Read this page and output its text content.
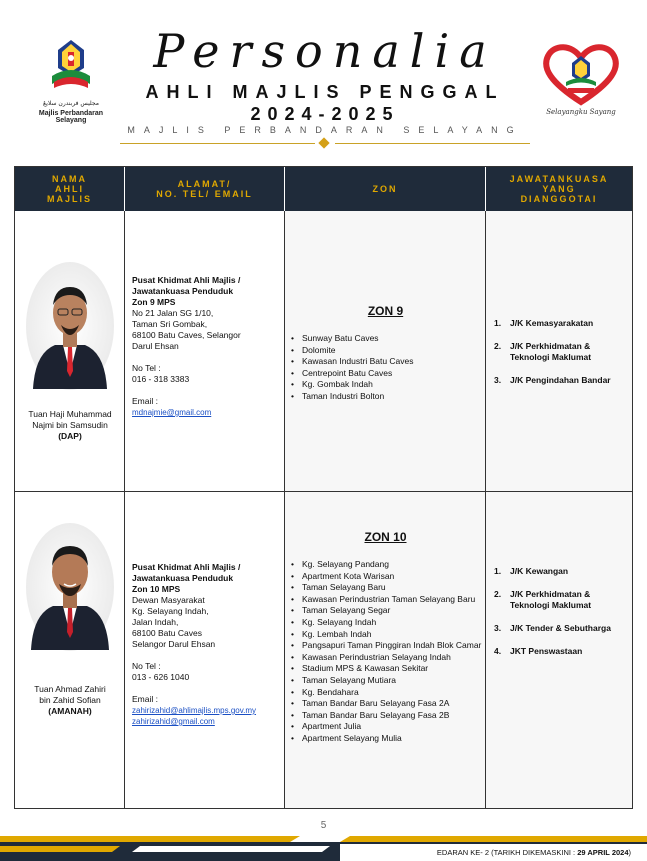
مجليس فربندرن سلايڠ
Majlis Perbandaran Selayang
Personalia
AHLI MAJLIS PENGGAL
2024-2025
MAJLIS PERBANDARAN SELAYANG
Selayangku Sayang
NAMA
AHLI
MAJLIS
ALAMAT/
NO. TEL/ EMAIL	ZON
JAWATANKUASA
YANG
DIANGGOTAI
Tuan Haji Muhammad
Najmi bin Samsudin
(DAP)
Pusat Khidmat Ahli Majlis /
Jawatankuasa Penduduk
Zon 9 MPS
No 21 Jalan SG 1/10,
Taman Sri Gombak,
68100 Batu Caves, Selangor
Darul Ehsan
No Tel :
016 - 318 3383
Email :
mdnajmie@gmail.com
ZON 9
• Sunway Batu Caves
• Dolomite
• Kawasan Industri Batu Caves
• Centrepoint Batu Caves
• Kg. Gombak Indah
• Taman Industri Bolton
1. J/K Kemasyarakatan
2. J/K Perkhidmatan & Teknologi Maklumat
3. J/K Pengindahan Bandar
Tuan Ahmad Zahiri
bin Zahid Sofian
(AMANAH)
Pusat Khidmat Ahli Majlis /
Jawatankuasa Penduduk
Zon 10 MPS
Dewan Masyarakat
Kg. Selayang Indah,
Jalan Indah,
68100 Batu Caves
Selangor Darul Ehsan
No Tel :
013 - 626 1040
Email :
zahirizahid@ahlimajlis.mps.gov.my
zahirizahid@gmail.com
ZON 10
• Kg. Selayang Pandang
• Apartment Kota Warisan
• Taman Selayang Baru
• Kawasan Perindustrian Taman Selayang Baru
• Taman Selayang Segar
• Kg. Selayang Indah
• Kg. Lembah Indah
• Pangsapuri Taman Pinggiran Indah Blok Camar
• Kawasan Perindustrian Selayang Indah
• Stadium MPS & Kawasan Sekitar
• Taman Selayang Mutiara
• Kg. Bendahara
• Taman Bandar Baru Selayang Fasa 2A
• Taman Bandar Baru Selayang Fasa 2B
• Apartment Julia
• Apartment Selayang Mulia
1. J/K Kewangan
2. J/K Perkhidmatan & Teknologi Maklumat
3. J/K Tender & Sebutharga
4. JKT Penswastaan
5
EDARAN KE- 2 (TARIKH DIKEMASKINI : 29 APRIL 2024)
